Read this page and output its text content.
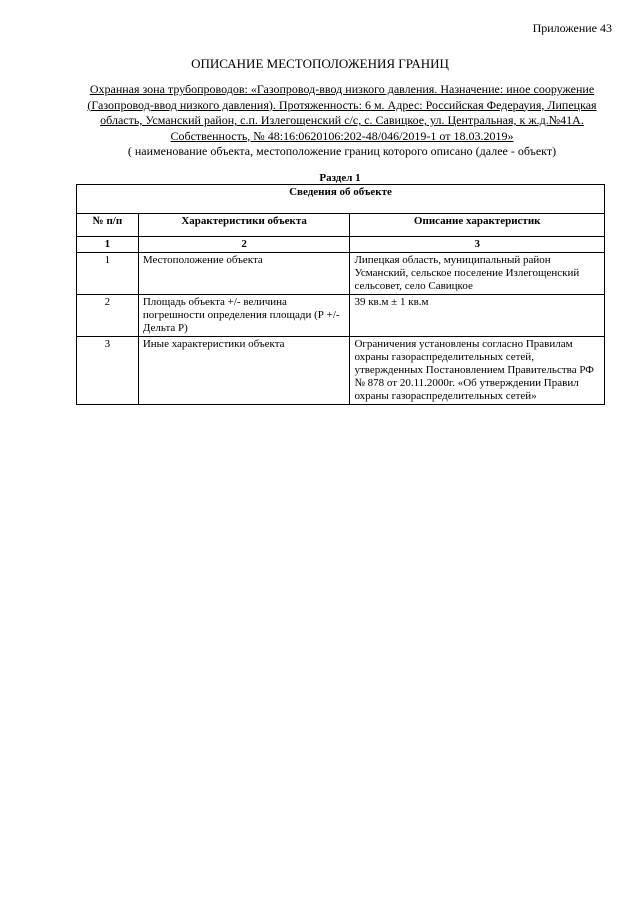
Приложение 43
ОПИСАНИЕ МЕСТОПОЛОЖЕНИЯ ГРАНИЦ
Охранная зона трубопроводов: «Газопровод-ввод низкого давления. Назначение: иное сооружение (Газопровод-ввод низкого давления). Протяженность: 6 м. Адрес: Российская Федерауия, Липецкая область, Усманский район, с.п. Излегощенский с/с, с. Савицкое, ул. Центральная, к ж.д.№41А. Собственность, № 48:16:0620106:202-48/046/2019-1 от 18.03.2019»
( наименование объекта, местоположение границ которого описано (далее - объект)
Раздел 1
Сведения об объекте		
№ п/п	Характеристики объекта	Описание характеристик
1	2	3
1	Местоположение объекта	Липецкая область, муниципальный район Усманский, сельское поселение Излегощенский сельсовет, село Савицкое
2	Площадь объекта +/- величина погрешности определения площади (Р +/- Дельта Р)	39 кв.м ± 1 кв.м
3	Иные характеристики объекта	Ограничения установлены согласно Правилам охраны газораспределительных сетей, утвержденных Постановлением Правительства РФ № 878 от 20.11.2000г. «Об утверждении Правил охраны газораспределительных сетей»
